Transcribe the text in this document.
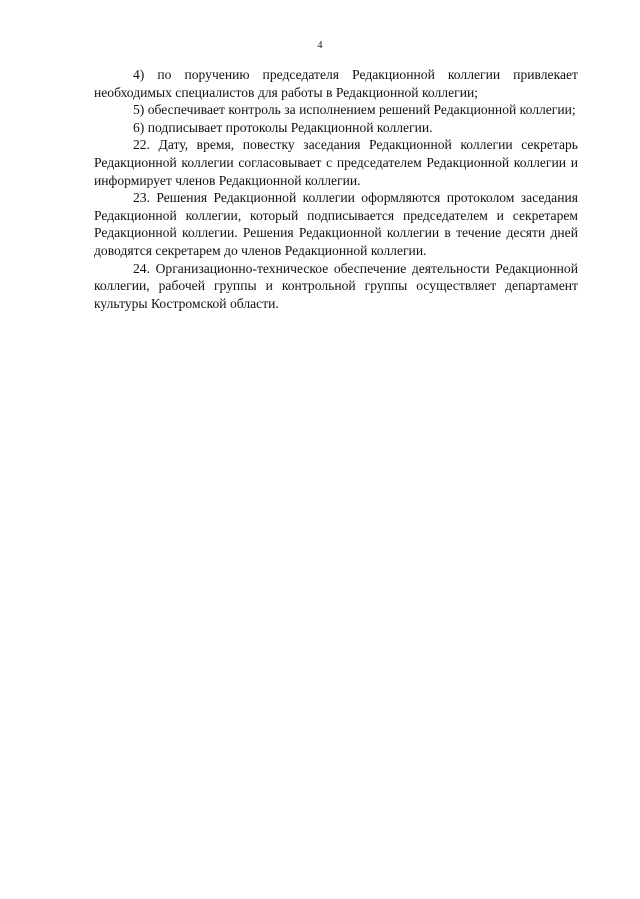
4

4) по поручению председателя Редакционной коллегии привлекает необходимых специалистов для работы в Редакционной коллегии;

5) обеспечивает контроль за исполнением решений Редакционной коллегии;

6) подписывает протоколы Редакционной коллегии.

22. Дату, время, повестку заседания Редакционной коллегии секретарь Редакционной коллегии согласовывает с председателем Редакционной коллегии и информирует членов Редакционной коллегии.

23. Решения Редакционной коллегии оформляются протоколом заседания Редакционной коллегии, который подписывается председателем и секретарем Редакционной коллегии. Решения Редакционной коллегии в течение десяти дней доводятся секретарем до членов Редакционной коллегии.

24. Организационно-техническое обеспечение деятельности Редакционной коллегии, рабочей группы и контрольной группы осуществляет департамент культуры Костромской области.
